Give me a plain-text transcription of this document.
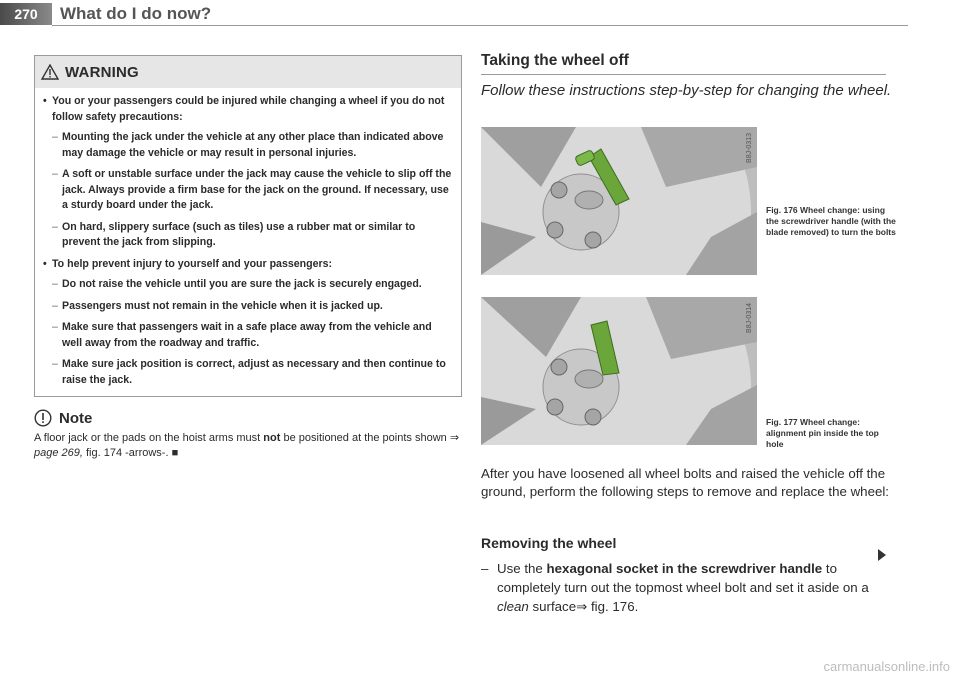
270	What do I do now?
WARNING

• You or your passengers could be injured while changing a wheel if you do not follow safety precautions:

– Mounting the jack under the vehicle at any other place than indicated above may damage the vehicle or may result in personal injuries.

– A soft or unstable surface under the jack may cause the vehicle to slip off the jack. Always provide a firm base for the jack on the ground. If necessary, use a sturdy board under the jack.

– On hard, slippery surface (such as tiles) use a rubber mat or similar to prevent the jack from slipping.

• To help prevent injury to yourself and your passengers:

– Do not raise the vehicle until you are sure the jack is securely engaged.

– Passengers must not remain in the vehicle when it is jacked up.

– Make sure that passengers wait in a safe place away from the vehicle and well away from the roadway and traffic.

– Make sure jack position is correct, adjust as necessary and then continue to raise the jack.

Note
A floor jack or the pads on the hoist arms must not be positioned at the points shown ⇒ page 269, fig. 174 -arrows-. ■
Taking the wheel off
Follow these instructions step-by-step for changing the wheel.
B8J-0313
Fig. 176 Wheel change: using the screwdriver handle (with the blade removed) to turn the bolts
B8J-0314
Fig. 177 Wheel change: alignment pin inside the top hole
After you have loosened all wheel bolts and raised the vehicle off the ground, perform the following steps to remove and replace the wheel:
Removing the wheel
– Use the hexagonal socket in the screwdriver handle to completely turn out the topmost wheel bolt and set it aside on a clean surface⇒ fig. 176.
carmanualsonline.info
